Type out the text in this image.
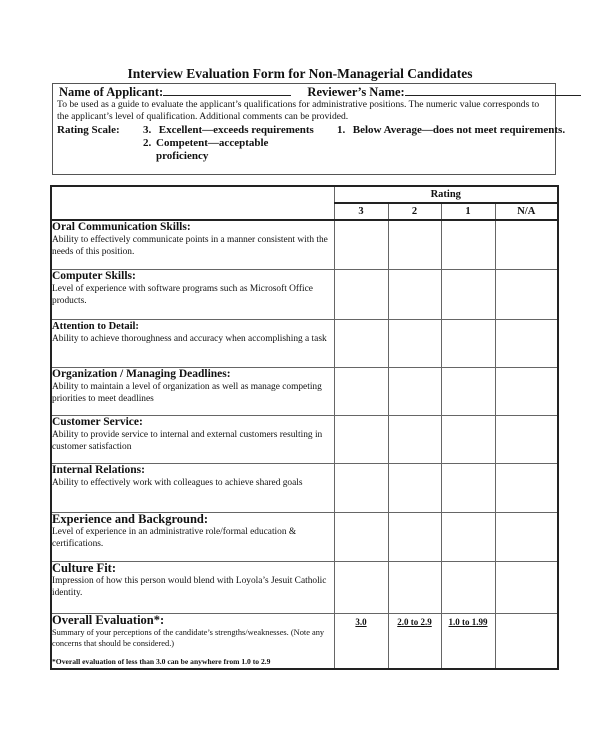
Interview Evaluation Form for Non-Managerial Candidates
Name of Applicant:	Reviewer’s Name:
To be used as a guide to evaluate the applicant’s qualifications for administrative positions. The numeric value corresponds to the applicant’s level of qualification. Additional comments can be provided.
Rating Scale: 3. Excellent—exceeds requirements
2. Competent—acceptable proficiency
1. Below Average—does not meet requirements.
	Rating			
	3	2	1	N/A

Oral Communication Skills:
Ability to effectively communicate points in a manner consistent with the needs of this position.				

Computer Skills:
Level of experience with software programs such as Microsoft Office products.				

Attention to Detail:
Ability to achieve thoroughness and accuracy when accomplishing a task				

Organization / Managing Deadlines:
Ability to maintain a level of organization as well as manage competing priorities to meet deadlines				

Customer Service:
Ability to provide service to internal and external customers resulting in customer satisfaction				

Internal Relations:
Ability to effectively work with colleagues to achieve shared goals				

Experience and Background:
Level of experience in an administrative role/formal education & certifications.				

Culture Fit:
Impression of how this person would blend with Loyola’s Jesuit Catholic identity.				

Overall Evaluation*:
Summary of your perceptions of the candidate’s strengths/weaknesses. (Note any concerns that should be considered.)
*Overall evaluation of less than 3.0 can be anywhere from 1.0 to 2.9	3.0	2.0 to 2.9	1.0 to 1.99	
